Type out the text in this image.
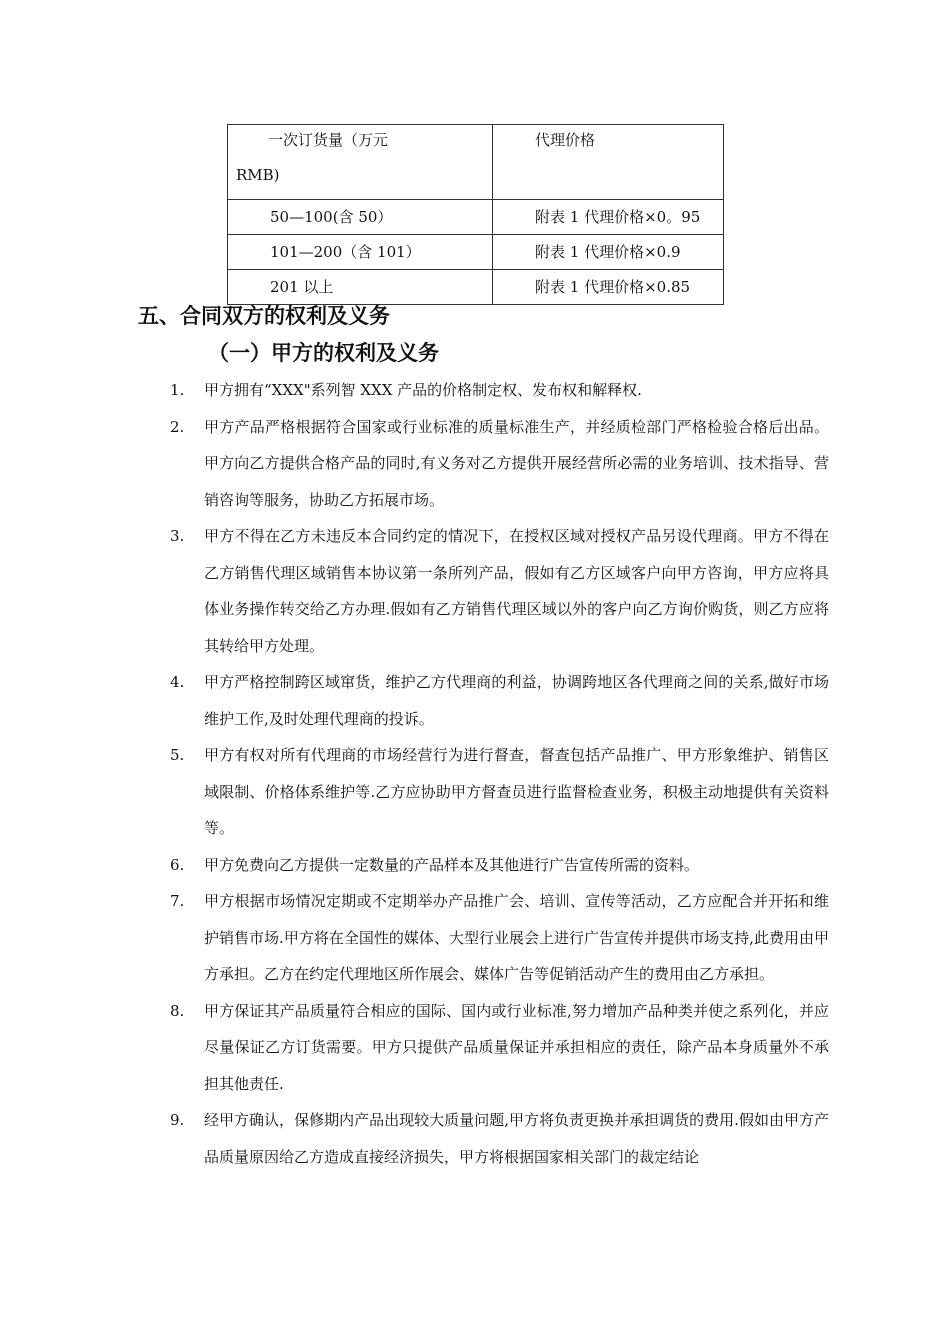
一次订货量（万元
RMB)	代理价格
50—100(含 50）	附表 1 代理价格×0。95
101—200（含 101）	附表 1 代理价格×0.9
201 以上	附表 1 代理价格×0.85
五、合同双方的权利及义务
（一）甲方的权利及义务
1. 甲方拥有“XXX"系列智 XXX 产品的价格制定权、发布权和解释权.
2. 甲方产品严格根据符合国家或行业标准的质量标准生产，并经质检部门严格检验合格后出品。甲方向乙方提供合格产品的同时,有义务对乙方提供开展经营所必需的业务培训、技术指导、营销咨询等服务，协助乙方拓展市场。
3. 甲方不得在乙方未违反本合同约定的情况下，在授权区域对授权产品另设代理商。甲方不得在乙方销售代理区域销售本协议第一条所列产品，假如有乙方区域客户向甲方咨询，甲方应将具体业务操作转交给乙方办理.假如有乙方销售代理区域以外的客户向乙方询价购货，则乙方应将其转给甲方处理。
4. 甲方严格控制跨区域窜货，维护乙方代理商的利益，协调跨地区各代理商之间的关系,做好市场维护工作,及时处理代理商的投诉。
5. 甲方有权对所有代理商的市场经营行为进行督查，督查包括产品推广、甲方形象维护、销售区域限制、价格体系维护等.乙方应协助甲方督查员进行监督检查业务，积极主动地提供有关资料等。
6. 甲方免费向乙方提供一定数量的产品样本及其他进行广告宣传所需的资料。
7. 甲方根据市场情况定期或不定期举办产品推广会、培训、宣传等活动，乙方应配合并开拓和维护销售市场.甲方将在全国性的媒体、大型行业展会上进行广告宣传并提供市场支持,此费用由甲方承担。乙方在约定代理地区所作展会、媒体广告等促销活动产生的费用由乙方承担。
8. 甲方保证其产品质量符合相应的国际、国内或行业标准,努力增加产品种类并使之系列化，并应尽量保证乙方订货需要。甲方只提供产品质量保证并承担相应的责任，除产品本身质量外不承担其他责任.
9. 经甲方确认，保修期内产品出现较大质量问题,甲方将负责更换并承担调货的费用.假如由甲方产品质量原因给乙方造成直接经济损失，甲方将根据国家相关部门的裁定结论
